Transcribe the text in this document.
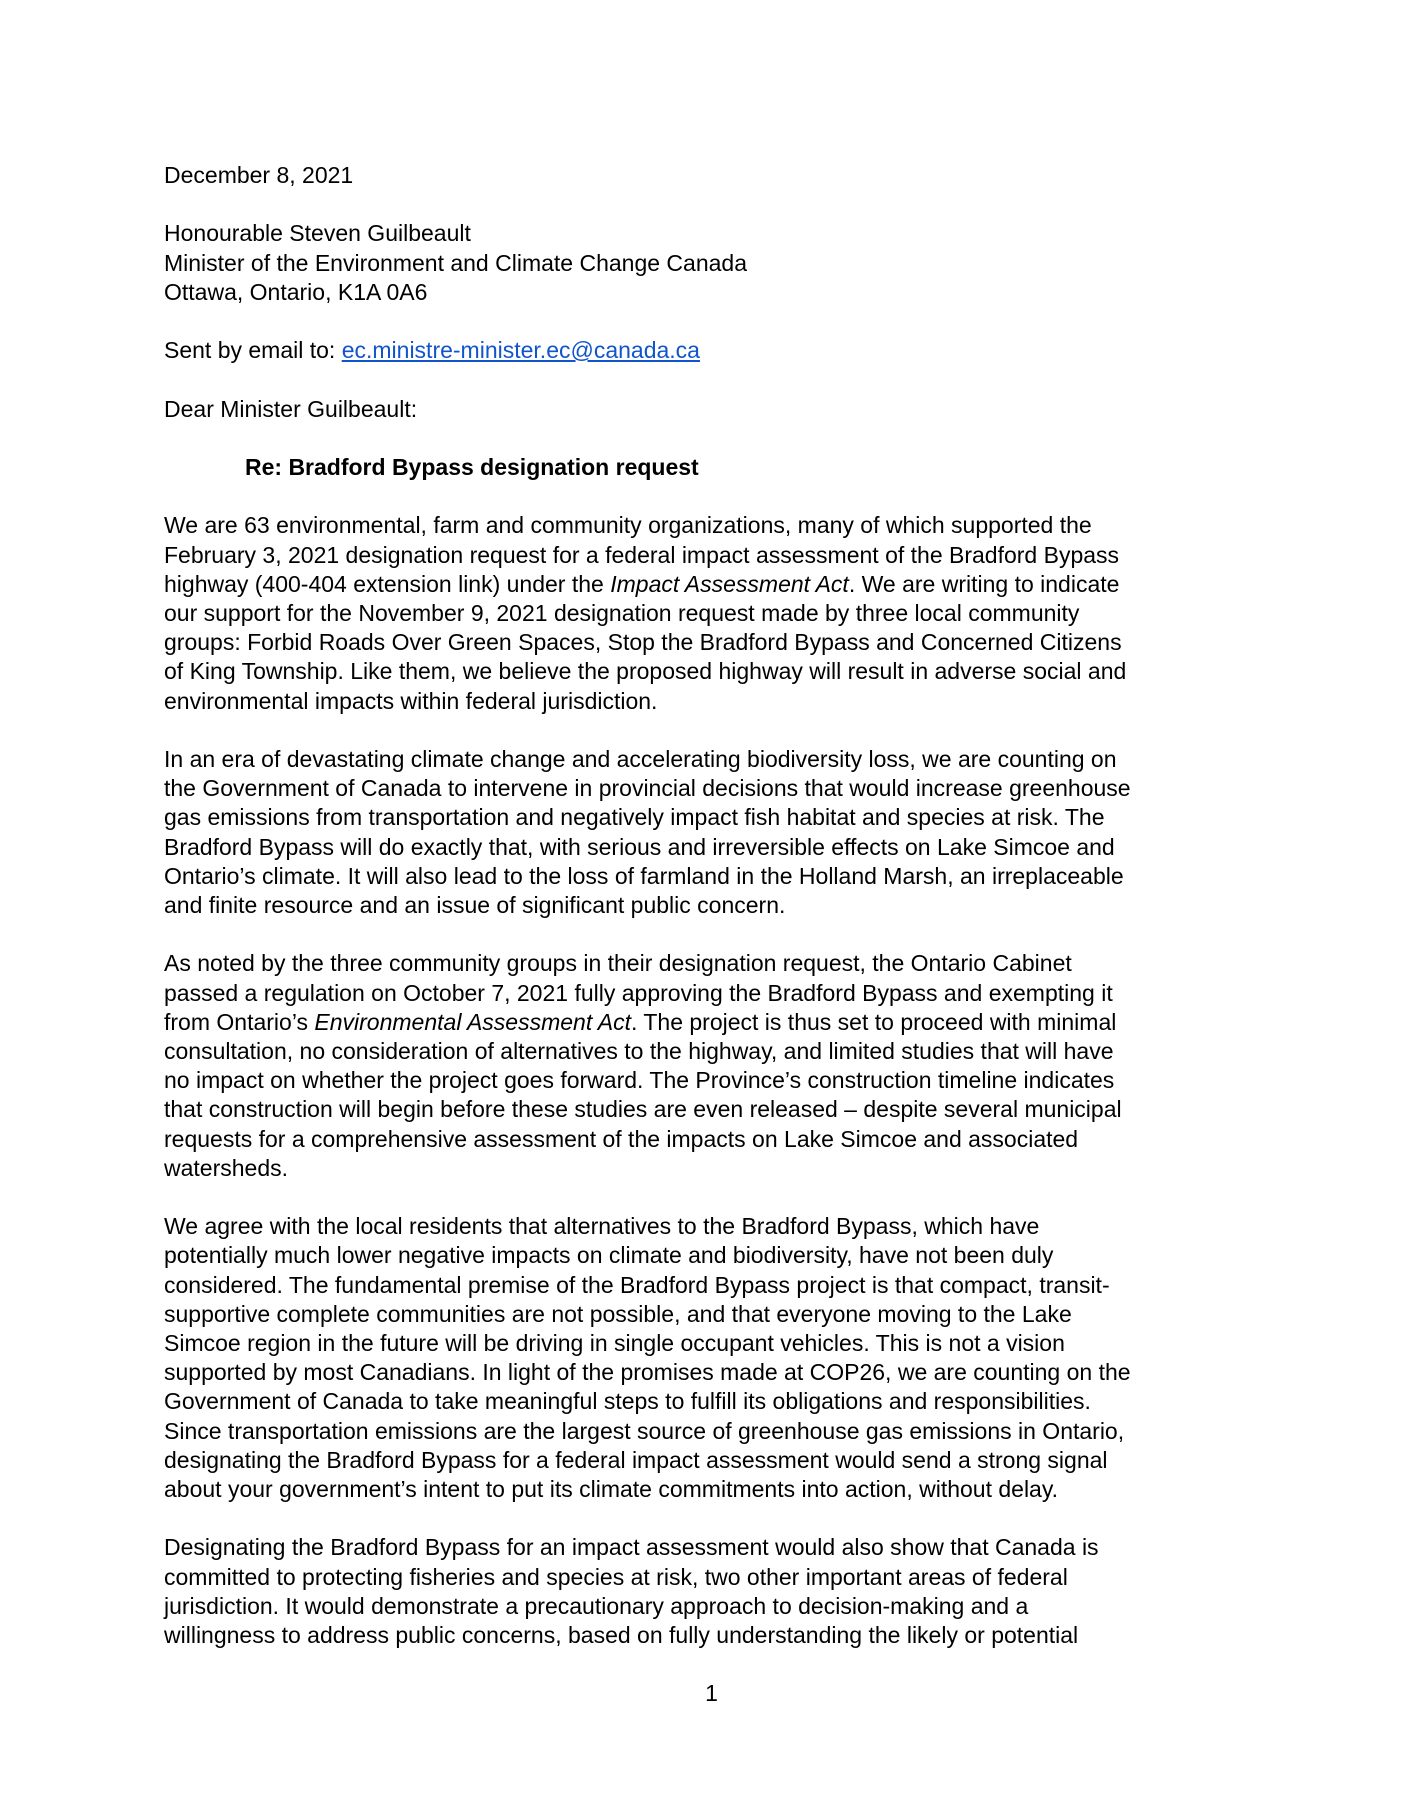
December 8, 2021
Honourable Steven Guilbeault
Minister of the Environment and Climate Change Canada
Ottawa, Ontario, K1A 0A6
Sent by email to: ec.ministre-minister.ec@canada.ca
Dear Minister Guilbeault:
Re: Bradford Bypass designation request
We are 63 environmental, farm and community organizations, many of which supported the
February 3, 2021 designation request for a federal impact assessment of the Bradford Bypass
highway (400-404 extension link) under the Impact Assessment Act. We are writing to indicate
our support for the November 9, 2021 designation request made by three local community
groups: Forbid Roads Over Green Spaces, Stop the Bradford Bypass and Concerned Citizens
of King Township. Like them, we believe the proposed highway will result in adverse social and
environmental impacts within federal jurisdiction.
In an era of devastating climate change and accelerating biodiversity loss, we are counting on
the Government of Canada to intervene in provincial decisions that would increase greenhouse
gas emissions from transportation and negatively impact fish habitat and species at risk. The
Bradford Bypass will do exactly that, with serious and irreversible effects on Lake Simcoe and
Ontario’s climate. It will also lead to the loss of farmland in the Holland Marsh, an irreplaceable
and finite resource and an issue of significant public concern.
As noted by the three community groups in their designation request, the Ontario Cabinet
passed a regulation on October 7, 2021 fully approving the Bradford Bypass and exempting it
from Ontario’s Environmental Assessment Act. The project is thus set to proceed with minimal
consultation, no consideration of alternatives to the highway, and limited studies that will have
no impact on whether the project goes forward. The Province’s construction timeline indicates
that construction will begin before these studies are even released – despite several municipal
requests for a comprehensive assessment of the impacts on Lake Simcoe and associated
watersheds.
We agree with the local residents that alternatives to the Bradford Bypass, which have
potentially much lower negative impacts on climate and biodiversity, have not been duly
considered. The fundamental premise of the Bradford Bypass project is that compact, transit-
supportive complete communities are not possible, and that everyone moving to the Lake
Simcoe region in the future will be driving in single occupant vehicles. This is not a vision
supported by most Canadians. In light of the promises made at COP26, we are counting on the
Government of Canada to take meaningful steps to fulfill its obligations and responsibilities.
Since transportation emissions are the largest source of greenhouse gas emissions in Ontario,
designating the Bradford Bypass for a federal impact assessment would send a strong signal
about your government’s intent to put its climate commitments into action, without delay.
Designating the Bradford Bypass for an impact assessment would also show that Canada is
committed to protecting fisheries and species at risk, two other important areas of federal
jurisdiction. It would demonstrate a precautionary approach to decision-making and a
willingness to address public concerns, based on fully understanding the likely or potential
1
